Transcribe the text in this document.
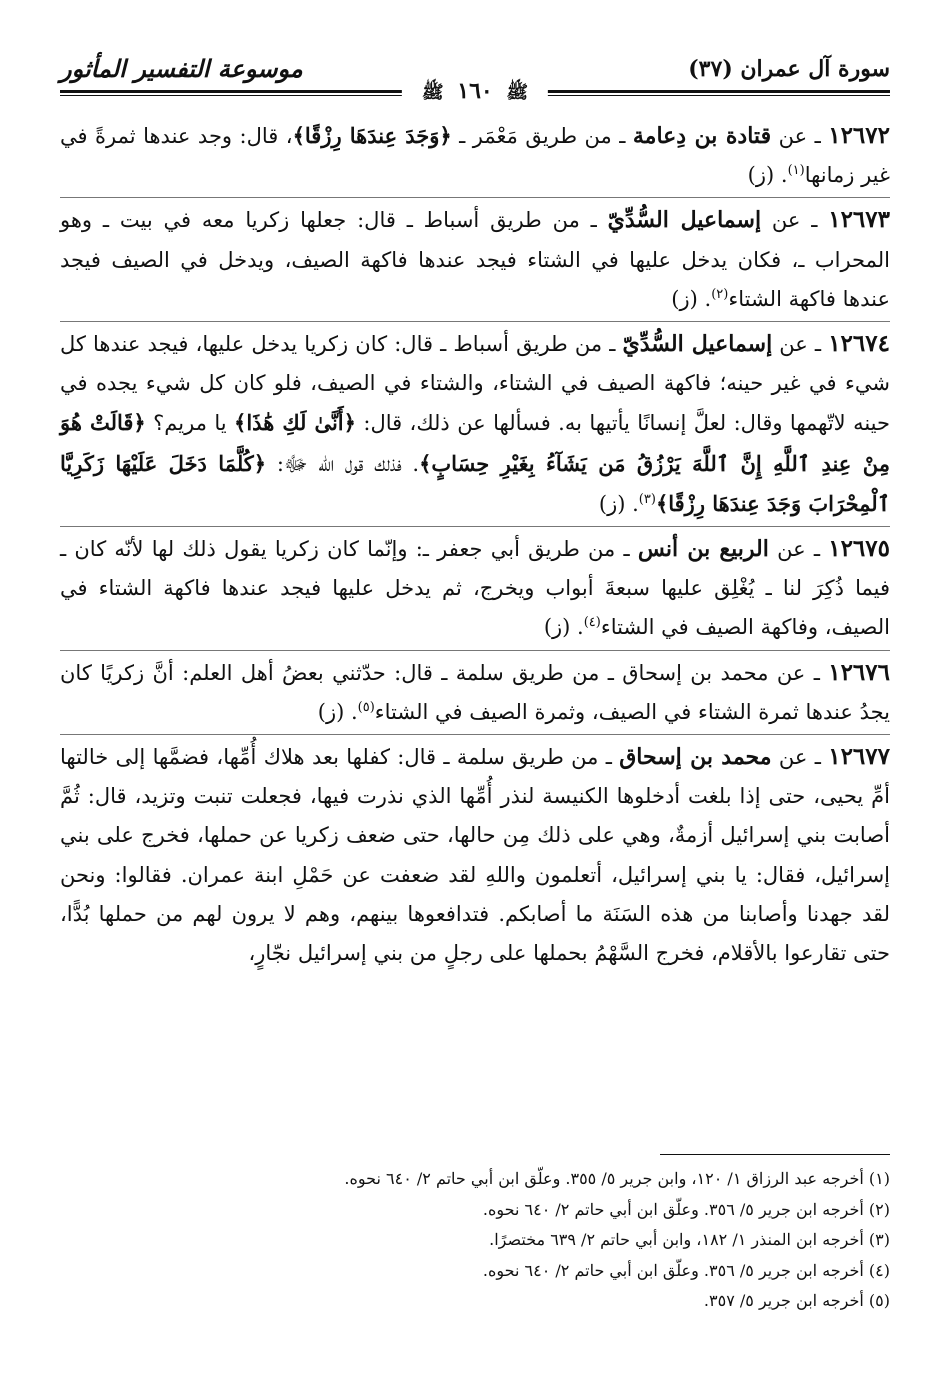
سورة آل عمران (٣٧)
موسوعة التفسير المأثور
ﷺ ١٦٠ ﷺ

١٢٦٧٢ ـ عن قتادة بن دِعامة ـ من طريق مَعْمَر ـ ﴿وَجَدَ عِندَهَا رِزْقًا﴾، قال: وجد عندها ثمرةً في غير زمانها$^{(١)}$. (ز)

١٢٦٧٣ ـ عن إسماعيل السُّدِّيّ ـ من طريق أسباط ـ قال: جعلها زكريا معه في بيت ـ وهو المحراب ـ، فكان يدخل عليها في الشتاء فيجد عندها فاكهة الصيف، ويدخل في الصيف فيجد عندها فاكهة الشتاء$^{(٢)}$. (ز)

١٢٦٧٤ ـ عن إسماعيل السُّدِّيّ ـ من طريق أسباط ـ قال: كان زكريا يدخل عليها، فيجد عندها كل شيء في غير حينه؛ فاكهة الصيف في الشتاء، والشتاء في الصيف، فلو كان كل شيء يجده في حينه لاتّهمها وقال: لعلَّ إنسانًا يأتيها به. فسألها عن ذلك، قال: ﴿أَنَّىٰ لَكِ هَٰذَا﴾ يا مريم؟ ﴿قَالَتْ هُوَ مِنْ عِندِ ٱللَّهِ إِنَّ ٱللَّهَ يَرْزُقُ مَن يَشَآءُ بِغَيْرِ حِسَابٍ﴾. فذلك قول الله ﷻ: ﴿كُلَّمَا دَخَلَ عَلَيْهَا زَكَرِيَّا ٱلْمِحْرَابَ وَجَدَ عِندَهَا رِزْقًا﴾$^{(٣)}$. (ز)

١٢٦٧٥ ـ عن الربيع بن أنس ـ من طريق أبي جعفر ـ: وإنّما كان زكريا يقول ذلك لها لأنّه كان ـ فيما ذُكِرَ لنا ـ يُغْلِق عليها سبعةَ أبواب ويخرج، ثم يدخل عليها فيجد عندها فاكهة الشتاء في الصيف، وفاكهة الصيف في الشتاء$^{(٤)}$. (ز)

١٢٦٧٦ ـ عن محمد بن إسحاق ـ من طريق سلمة ـ قال: حدّثني بعضُ أهل العلم: أنَّ زكريًا كان يجدُ عندها ثمرة الشتاء في الصيف، وثمرة الصيف في الشتاء$^{(٥)}$. (ز)

١٢٦٧٧ ـ عن محمد بن إسحاق ـ من طريق سلمة ـ قال: كفلها بعد هلاك أُمِّها، فضمَّها إلى خالتها أمِّ يحيى، حتى إذا بلغت أدخلوها الكنيسة لنذر أُمِّها الذي نذرت فيها، فجعلت تنبت وتزيد، قال: ثُمَّ أصابت بني إسرائيل أزمةٌ، وهي على ذلك مِن حالها، حتى ضعف زكريا عن حملها، فخرج على بني إسرائيل، فقال: يا بني إسرائيل، أتعلمون واللهِ لقد ضعفت عن حَمْلِ ابنة عمران. فقالوا: ونحن لقد جهدنا وأصابنا من هذه السَنَة ما أصابكم. فتدافعوها بينهم، وهم لا يرون لهم من حملها بُدًّا، حتى تقارعوا بالأقلام، فخرج السَّهْمُ بحملها على رجلٍ من بني إسرائيل نجّارٍ،

(١) أخرجه عبد الرزاق ١/ ١٢٠، وابن جرير ٥/ ٣٥٥. وعلّق ابن أبي حاتم ٢/ ٦٤٠ نحوه.

(٢) أخرجه ابن جرير ٥/ ٣٥٦. وعلّق ابن أبي حاتم ٢/ ٦٤٠ نحوه.

(٣) أخرجه ابن المنذر ١/ ١٨٢، وابن أبي حاتم ٢/ ٦٣٩ مختصرًا.

(٤) أخرجه ابن جرير ٥/ ٣٥٦. وعلّق ابن أبي حاتم ٢/ ٦٤٠ نحوه.

(٥) أخرجه ابن جرير ٥/ ٣٥٧.
